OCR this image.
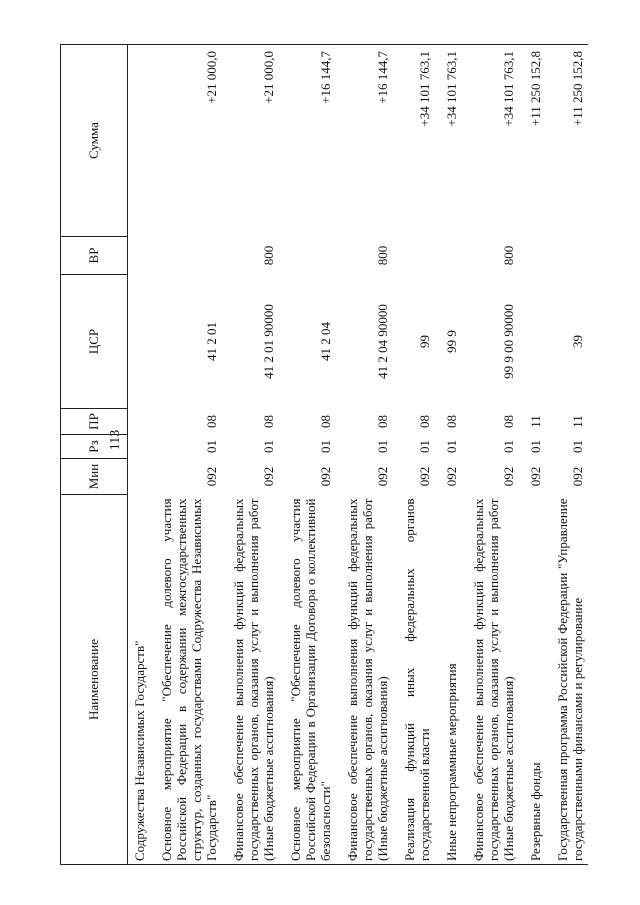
113
Наименование	Мин	Рз	ПР	ЦСР	ВР	Сумма
Содружества Независимых Государств"						
Основное мероприятие "Обеспечение долевого участия Российской Федерации в содержании межгосударственных структур, созданных государствами Содружества Независимых Государств"	092	01	08	41 2 01		+21 000,0
Финансовое обеспечение выполнения функций федеральных государственных органов, оказания услуг и выполнения работ (Иные бюджетные ассигнования)	092	01	08	41 2 01 90000	800	+21 000,0
Основное мероприятие "Обеспечение долевого участия Российской Федерации в Организации Договора о коллективной безопасности"	092	01	08	41 2 04		+16 144,7
Финансовое обеспечение выполнения функций федеральных государственных органов, оказания услуг и выполнения работ (Иные бюджетные ассигнования)	092	01	08	41 2 04 90000	800	+16 144,7
Реализация функций иных федеральных органов государственной власти	092	01	08	99		+34 101 763,1
Иные непрограммные мероприятия	092	01	08	99 9		+34 101 763,1
Финансовое обеспечение выполнения функций федеральных государственных органов, оказания услуг и выполнения работ (Иные бюджетные ассигнования)	092	01	08	99 9 00 90000	800	+34 101 763,1
Резервные фонды	092	01	11			+11 250 152,8
Государственная программа Российской Федерации "Управление государственными финансами и регулирование	092	01	11	39		+11 250 152,8
